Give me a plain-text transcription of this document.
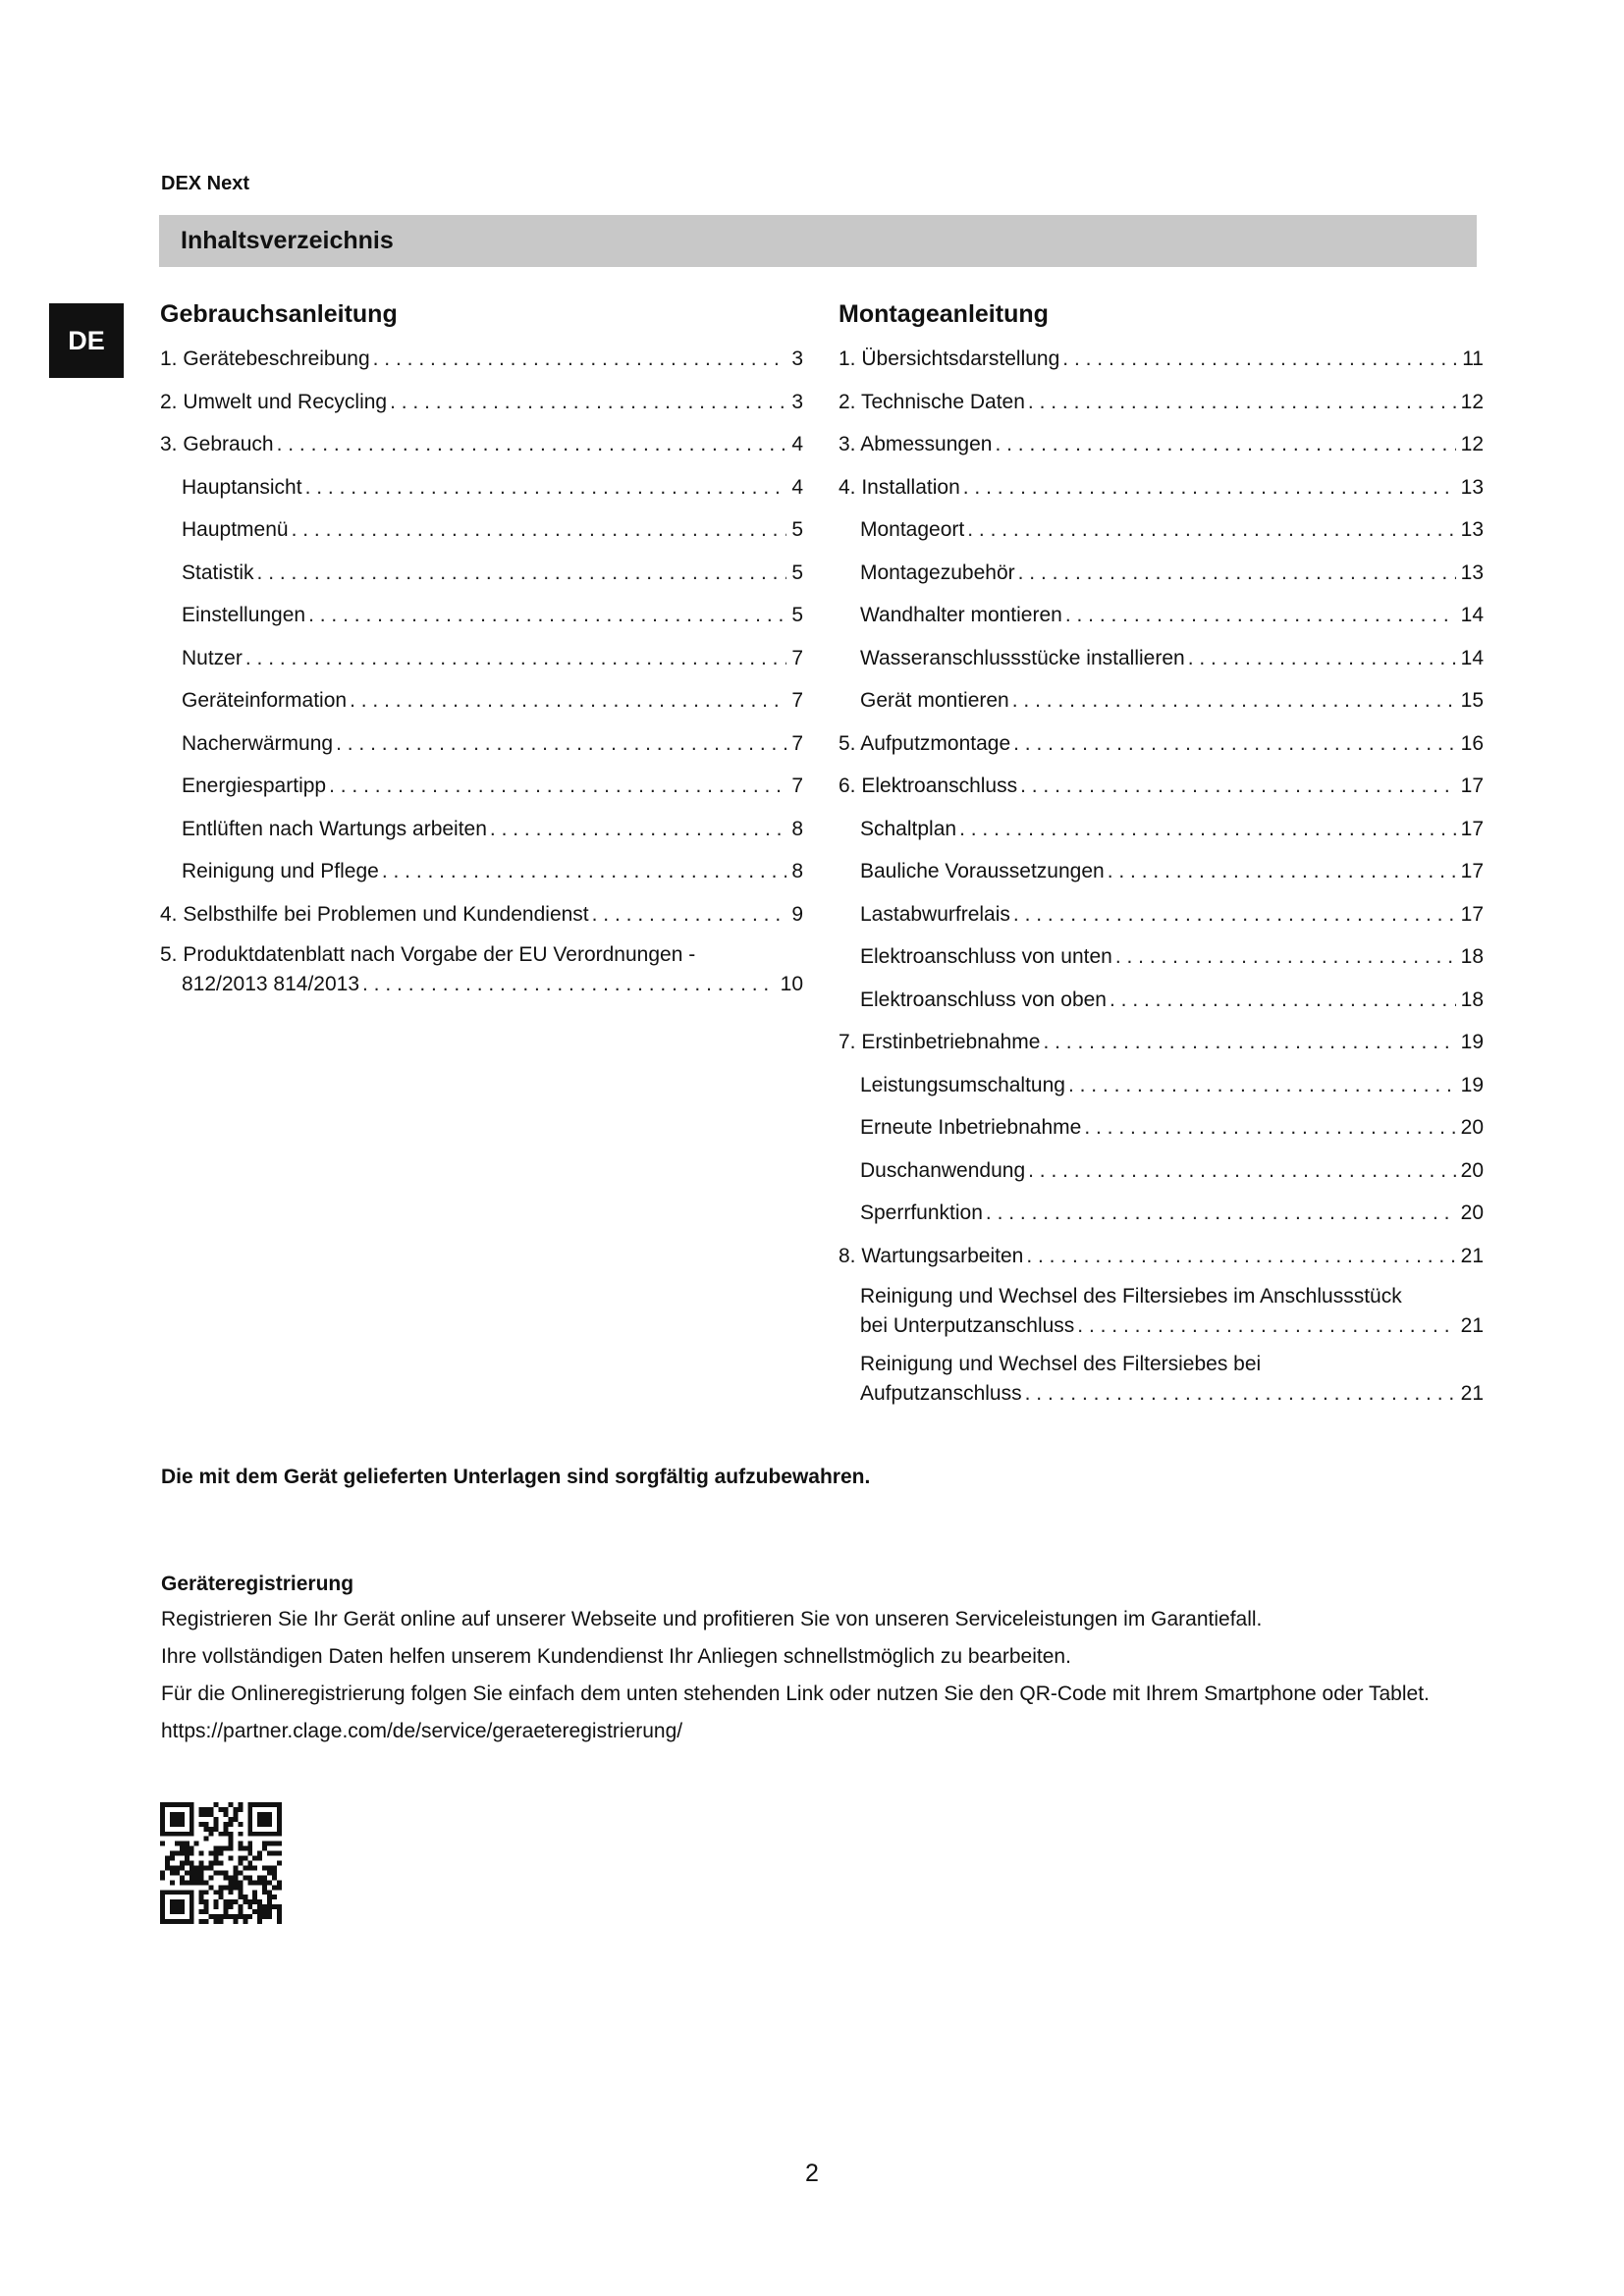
DEX Next
Inhaltsverzeichnis
DE
Gebrauchsanleitung
1. Gerätebeschreibung . . .	3
2. Umwelt und Recycling . . .	3
3. Gebrauch . . .	4
Hauptansicht . . .	4
Hauptmenü . . .	5
Statistik . . .	5
Einstellungen . . .	5
Nutzer . . .	7
Geräteinformation . . .	7
Nacherwärmung . . .	7
Energiespartipp . . .	7
Entlüften nach Wartungs arbeiten . . .	8
Reinigung und Pflege . . .	8
4. Selbsthilfe bei Problemen und Kundendienst . . .	9
5. Produktdatenblatt nach Vorgabe der EU Verordnungen -
812/2013 814/2013 . . .	10
Montageanleitung
1. Übersichtsdarstellung . . .	11
2. Technische Daten . . .	12
3. Abmessungen . . .	12
4. Installation . . .	13
Montageort . . .	13
Montagezubehör . . .	13
Wandhalter montieren . . .	14
Wasseranschlussstücke installieren . . .	14
Gerät montieren . . .	15
5. Aufputzmontage . . .	16
6. Elektroanschluss . . .	17
Schaltplan . . .	17
Bauliche Voraussetzungen . . .	17
Lastabwurfrelais . . .	17
Elektroanschluss von unten . . .	18
Elektroanschluss von oben . . .	18
7. Erstinbetriebnahme . . .	19
Leistungsumschaltung . . .	19
Erneute Inbetriebnahme . . .	20
Duschanwendung . . .	20
Sperrfunktion . . .	20
8. Wartungsarbeiten . . .	21
Reinigung und Wechsel des Filtersiebes im Anschlussstück
bei Unterputzanschluss . . .	21
Reinigung und Wechsel des Filtersiebes bei
Aufputzanschluss . . .	21
Die mit dem Gerät gelieferten Unterlagen sind sorgfältig aufzubewahren.
Geräteregistrierung

Registrieren Sie Ihr Gerät online auf unserer Webseite und profitieren Sie von unseren Serviceleistungen im Garantiefall.

Ihre vollständigen Daten helfen unserem Kundendienst Ihr Anliegen schnellstmöglich zu bearbeiten.

Für die Onlineregistrierung folgen Sie einfach dem unten stehenden Link oder nutzen Sie den QR-Code mit Ihrem Smartphone oder Tablet.

https://partner.clage.com/de/service/geraeteregistrierung/

2
